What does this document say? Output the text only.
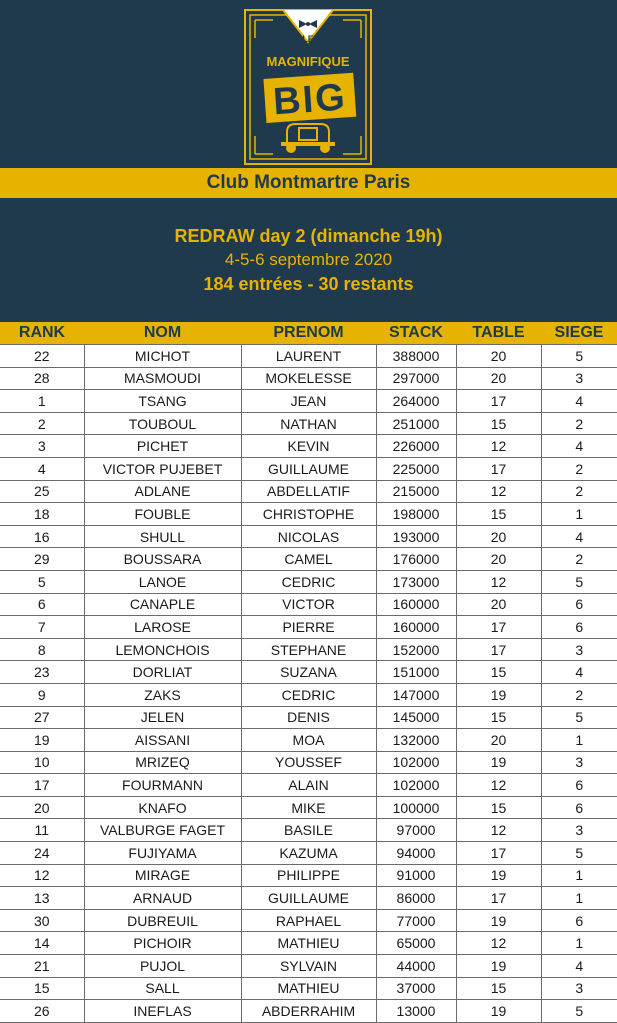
LE
MAGNIFIQUE
BIG
Club Montmartre Paris
REDRAW day 2 (dimanche 19h)
4-5-6 septembre 2020
184 entrées - 30 restants
RANK	NOM	PRENOM	STACK	TABLE	SIEGE
22	MICHOT	LAURENT	388000	20	5
28	MASMOUDI	MOKELESSE	297000	20	3
1	TSANG	JEAN	264000	17	4
2	TOUBOUL	NATHAN	251000	15	2
3	PICHET	KEVIN	226000	12	4
4	VICTOR PUJEBET	GUILLAUME	225000	17	2
25	ADLANE	ABDELLATIF	215000	12	2
18	FOUBLE	CHRISTOPHE	198000	15	1
16	SHULL	NICOLAS	193000	20	4
29	BOUSSARA	CAMEL	176000	20	2
5	LANOE	CEDRIC	173000	12	5
6	CANAPLE	VICTOR	160000	20	6
7	LAROSE	PIERRE	160000	17	6
8	LEMONCHOIS	STEPHANE	152000	17	3
23	DORLIAT	SUZANA	151000	15	4
9	ZAKS	CEDRIC	147000	19	2
27	JELEN	DENIS	145000	15	5
19	AISSANI	MOA	132000	20	1
10	MRIZEQ	YOUSSEF	102000	19	3
17	FOURMANN	ALAIN	102000	12	6
20	KNAFO	MIKE	100000	15	6
11	VALBURGE FAGET	BASILE	97000	12	3
24	FUJIYAMA	KAZUMA	94000	17	5
12	MIRAGE	PHILIPPE	91000	19	1
13	ARNAUD	GUILLAUME	86000	17	1
30	DUBREUIL	RAPHAEL	77000	19	6
14	PICHOIR	MATHIEU	65000	12	1
21	PUJOL	SYLVAIN	44000	19	4
15	SALL	MATHIEU	37000	15	3
26	INEFLAS	ABDERRAHIM	13000	19	5
